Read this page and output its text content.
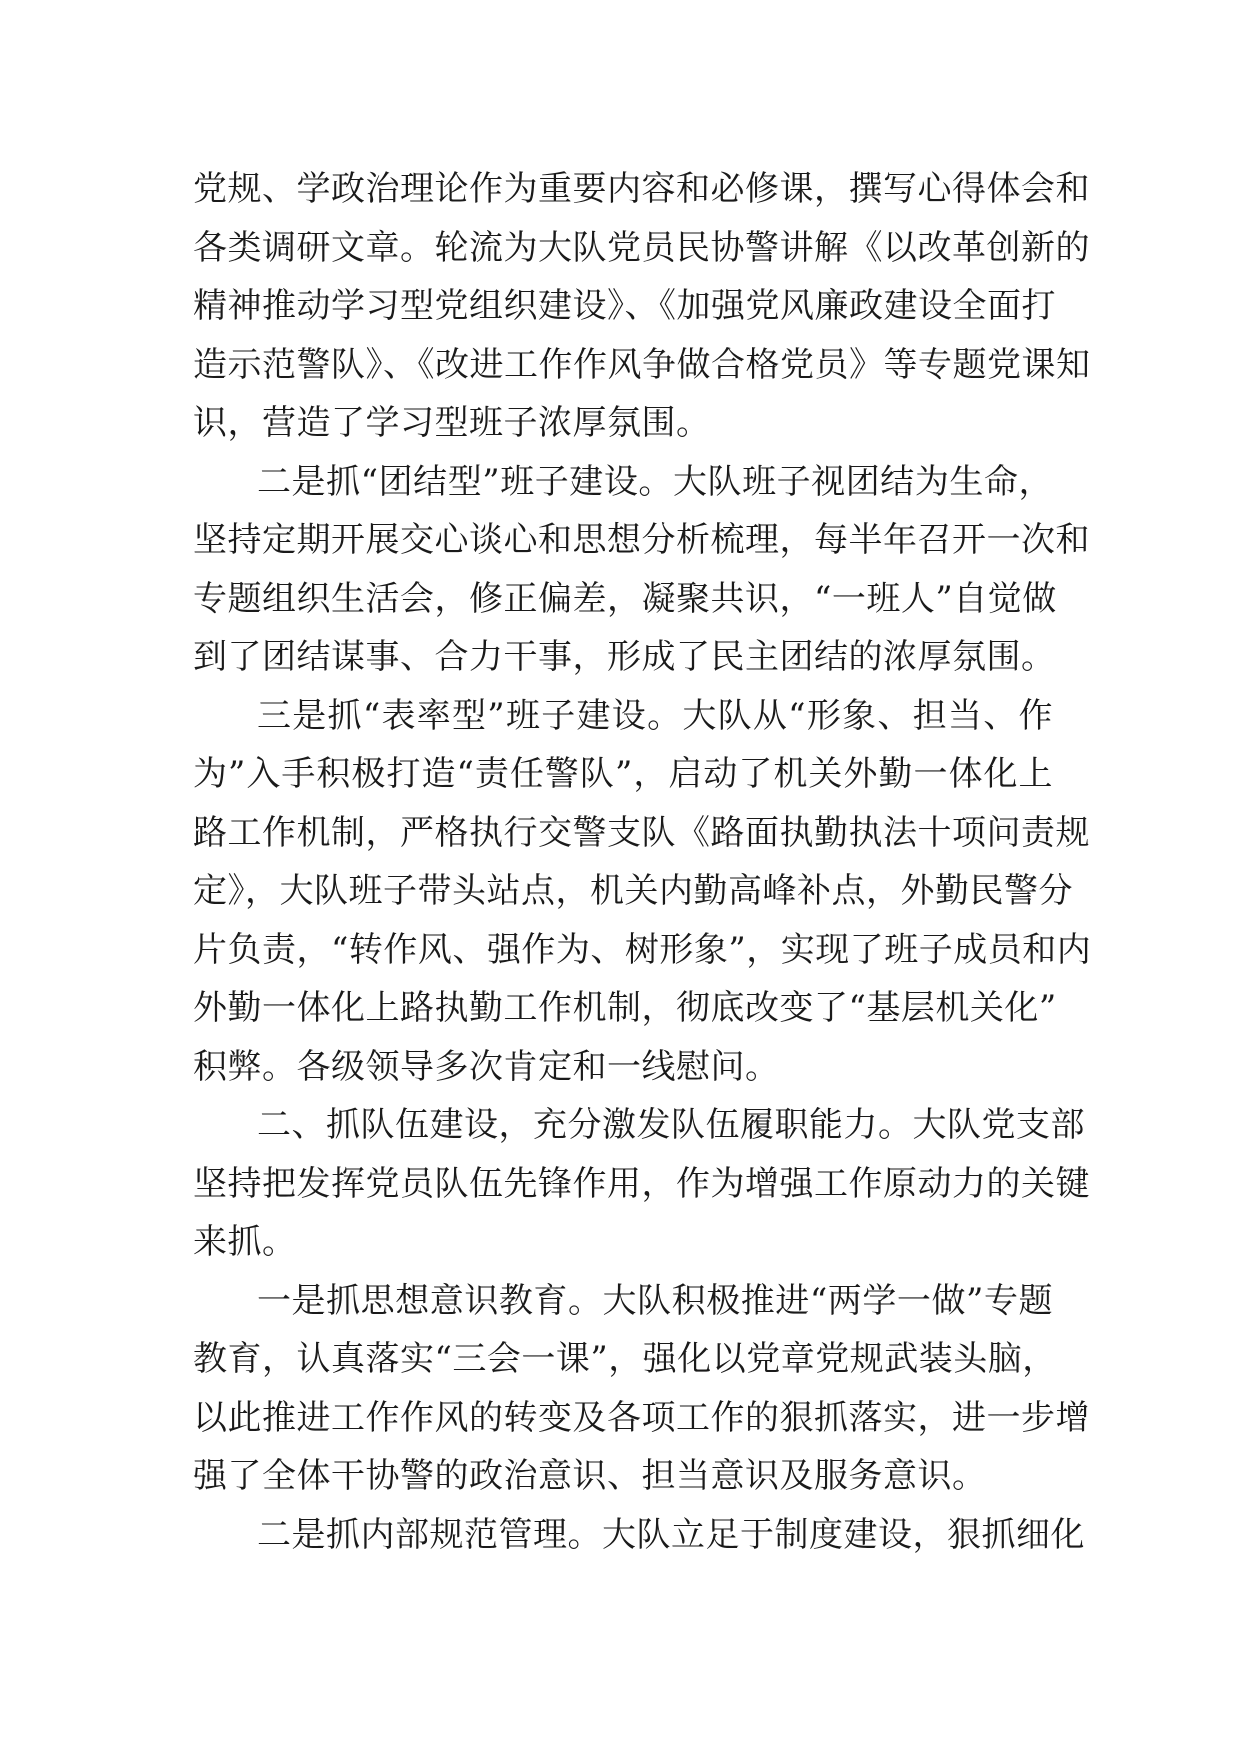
党规、学政治理论作为重要内容和必修课，撰写心得体会和
各类调研文章。轮流为大队党员民协警讲解《以改革创新的
精神推动学习型党组织建设》、《加强党风廉政建设全面打
造示范警队》、《改进工作作风争做合格党员》等专题党课知
识，营造了学习型班子浓厚氛围。
二是抓“团结型”班子建设。大队班子视团结为生命，
坚持定期开展交心谈心和思想分析梳理，每半年召开一次和
专题组织生活会，修正偏差，凝聚共识，“一班人”自觉做
到了团结谋事、合力干事，形成了民主团结的浓厚氛围。
三是抓“表率型”班子建设。大队从“形象、担当、作
为”入手积极打造“责任警队”，启动了机关外勤一体化上
路工作机制，严格执行交警支队《路面执勤执法十项问责规
定》，大队班子带头站点，机关内勤高峰补点，外勤民警分
片负责，“转作风、强作为、树形象”，实现了班子成员和内
外勤一体化上路执勤工作机制，彻底改变了“基层机关化”
积弊。各级领导多次肯定和一线慰问。
二、抓队伍建设，充分激发队伍履职能力。大队党支部
坚持把发挥党员队伍先锋作用，作为增强工作原动力的关键
来抓。
一是抓思想意识教育。大队积极推进“两学一做”专题
教育，认真落实“三会一课”，强化以党章党规武装头脑，
以此推进工作作风的转变及各项工作的狠抓落实，进一步增
强了全体干协警的政治意识、担当意识及服务意识。
二是抓内部规范管理。大队立足于制度建设，狠抓细化
